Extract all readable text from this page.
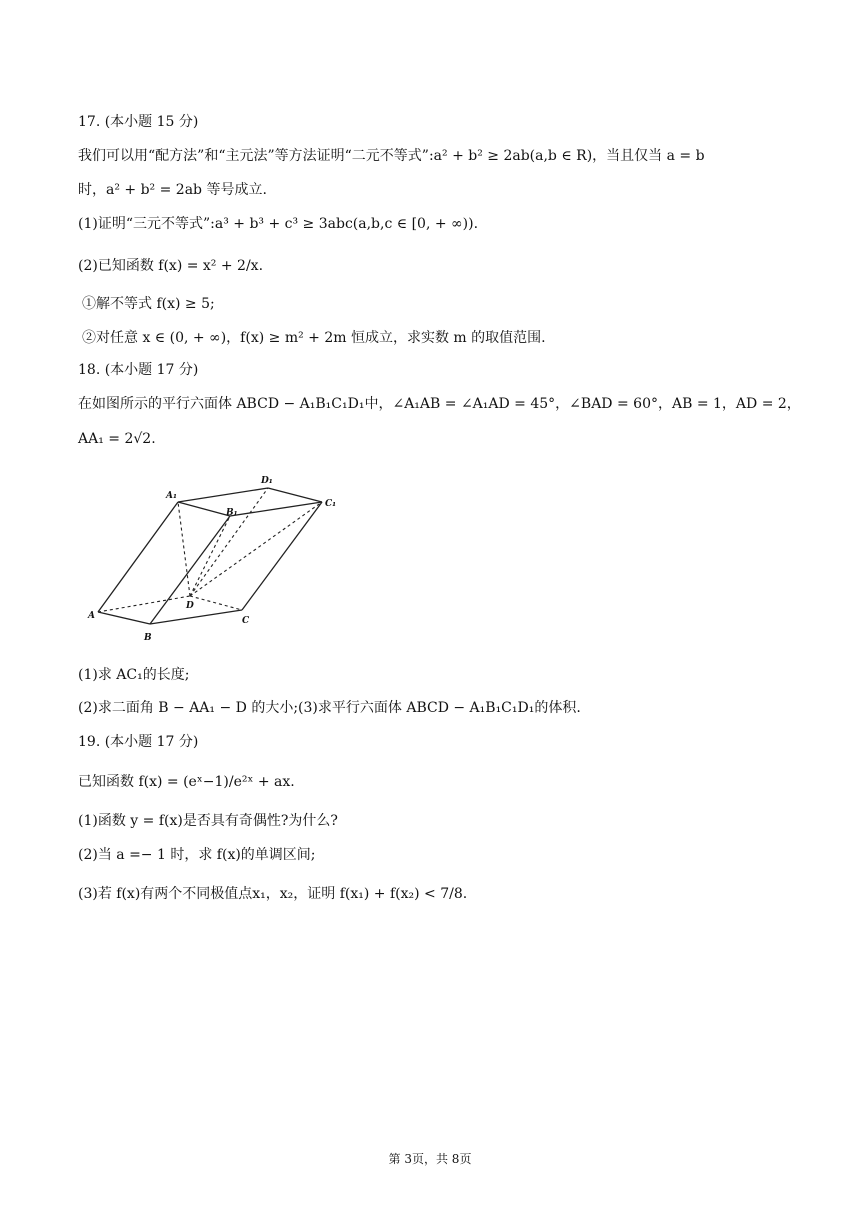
17. (本小题 15 分)
我们可以用“配方法”和“主元法”等方法证明“二元不等式”:a² + b² ≥ 2ab(a,b ∈ R)，当且仅当 a = b
时，a² + b² = 2ab 等号成立.
(1)证明“三元不等式”:a³ + b³ + c³ ≥ 3abc(a,b,c ∈ [0, + ∞)).
(2)已知函数 f(x) = x² + 2/x.
①解不等式 f(x) ≥ 5;
②对任意 x ∈ (0, + ∞)，f(x) ≥ m² + 2m 恒成立，求实数 m 的取值范围.
18. (本小题 17 分)
在如图所示的平行六面体 ABCD − A₁B₁C₁D₁中，∠A₁AB = ∠A₁AD = 45°，∠BAD = 60°，AB = 1，AD = 2，
AA₁ = 2√2.
A
B
C
D
A₁
B₁
C₁
D₁
(1)求 AC₁的长度;
(2)求二面角 B − AA₁ − D 的大小;(3)求平行六面体 ABCD − A₁B₁C₁D₁的体积.
19. (本小题 17 分)
已知函数 f(x) = (eˣ−1)/e²ˣ + ax.
(1)函数 y = f(x)是否具有奇偶性?为什么?
(2)当 a =− 1 时，求 f(x)的单调区间;
(3)若 f(x)有两个不同极值点x₁，x₂，证明 f(x₁) + f(x₂) < 7/8.
第 3页，共 8页
